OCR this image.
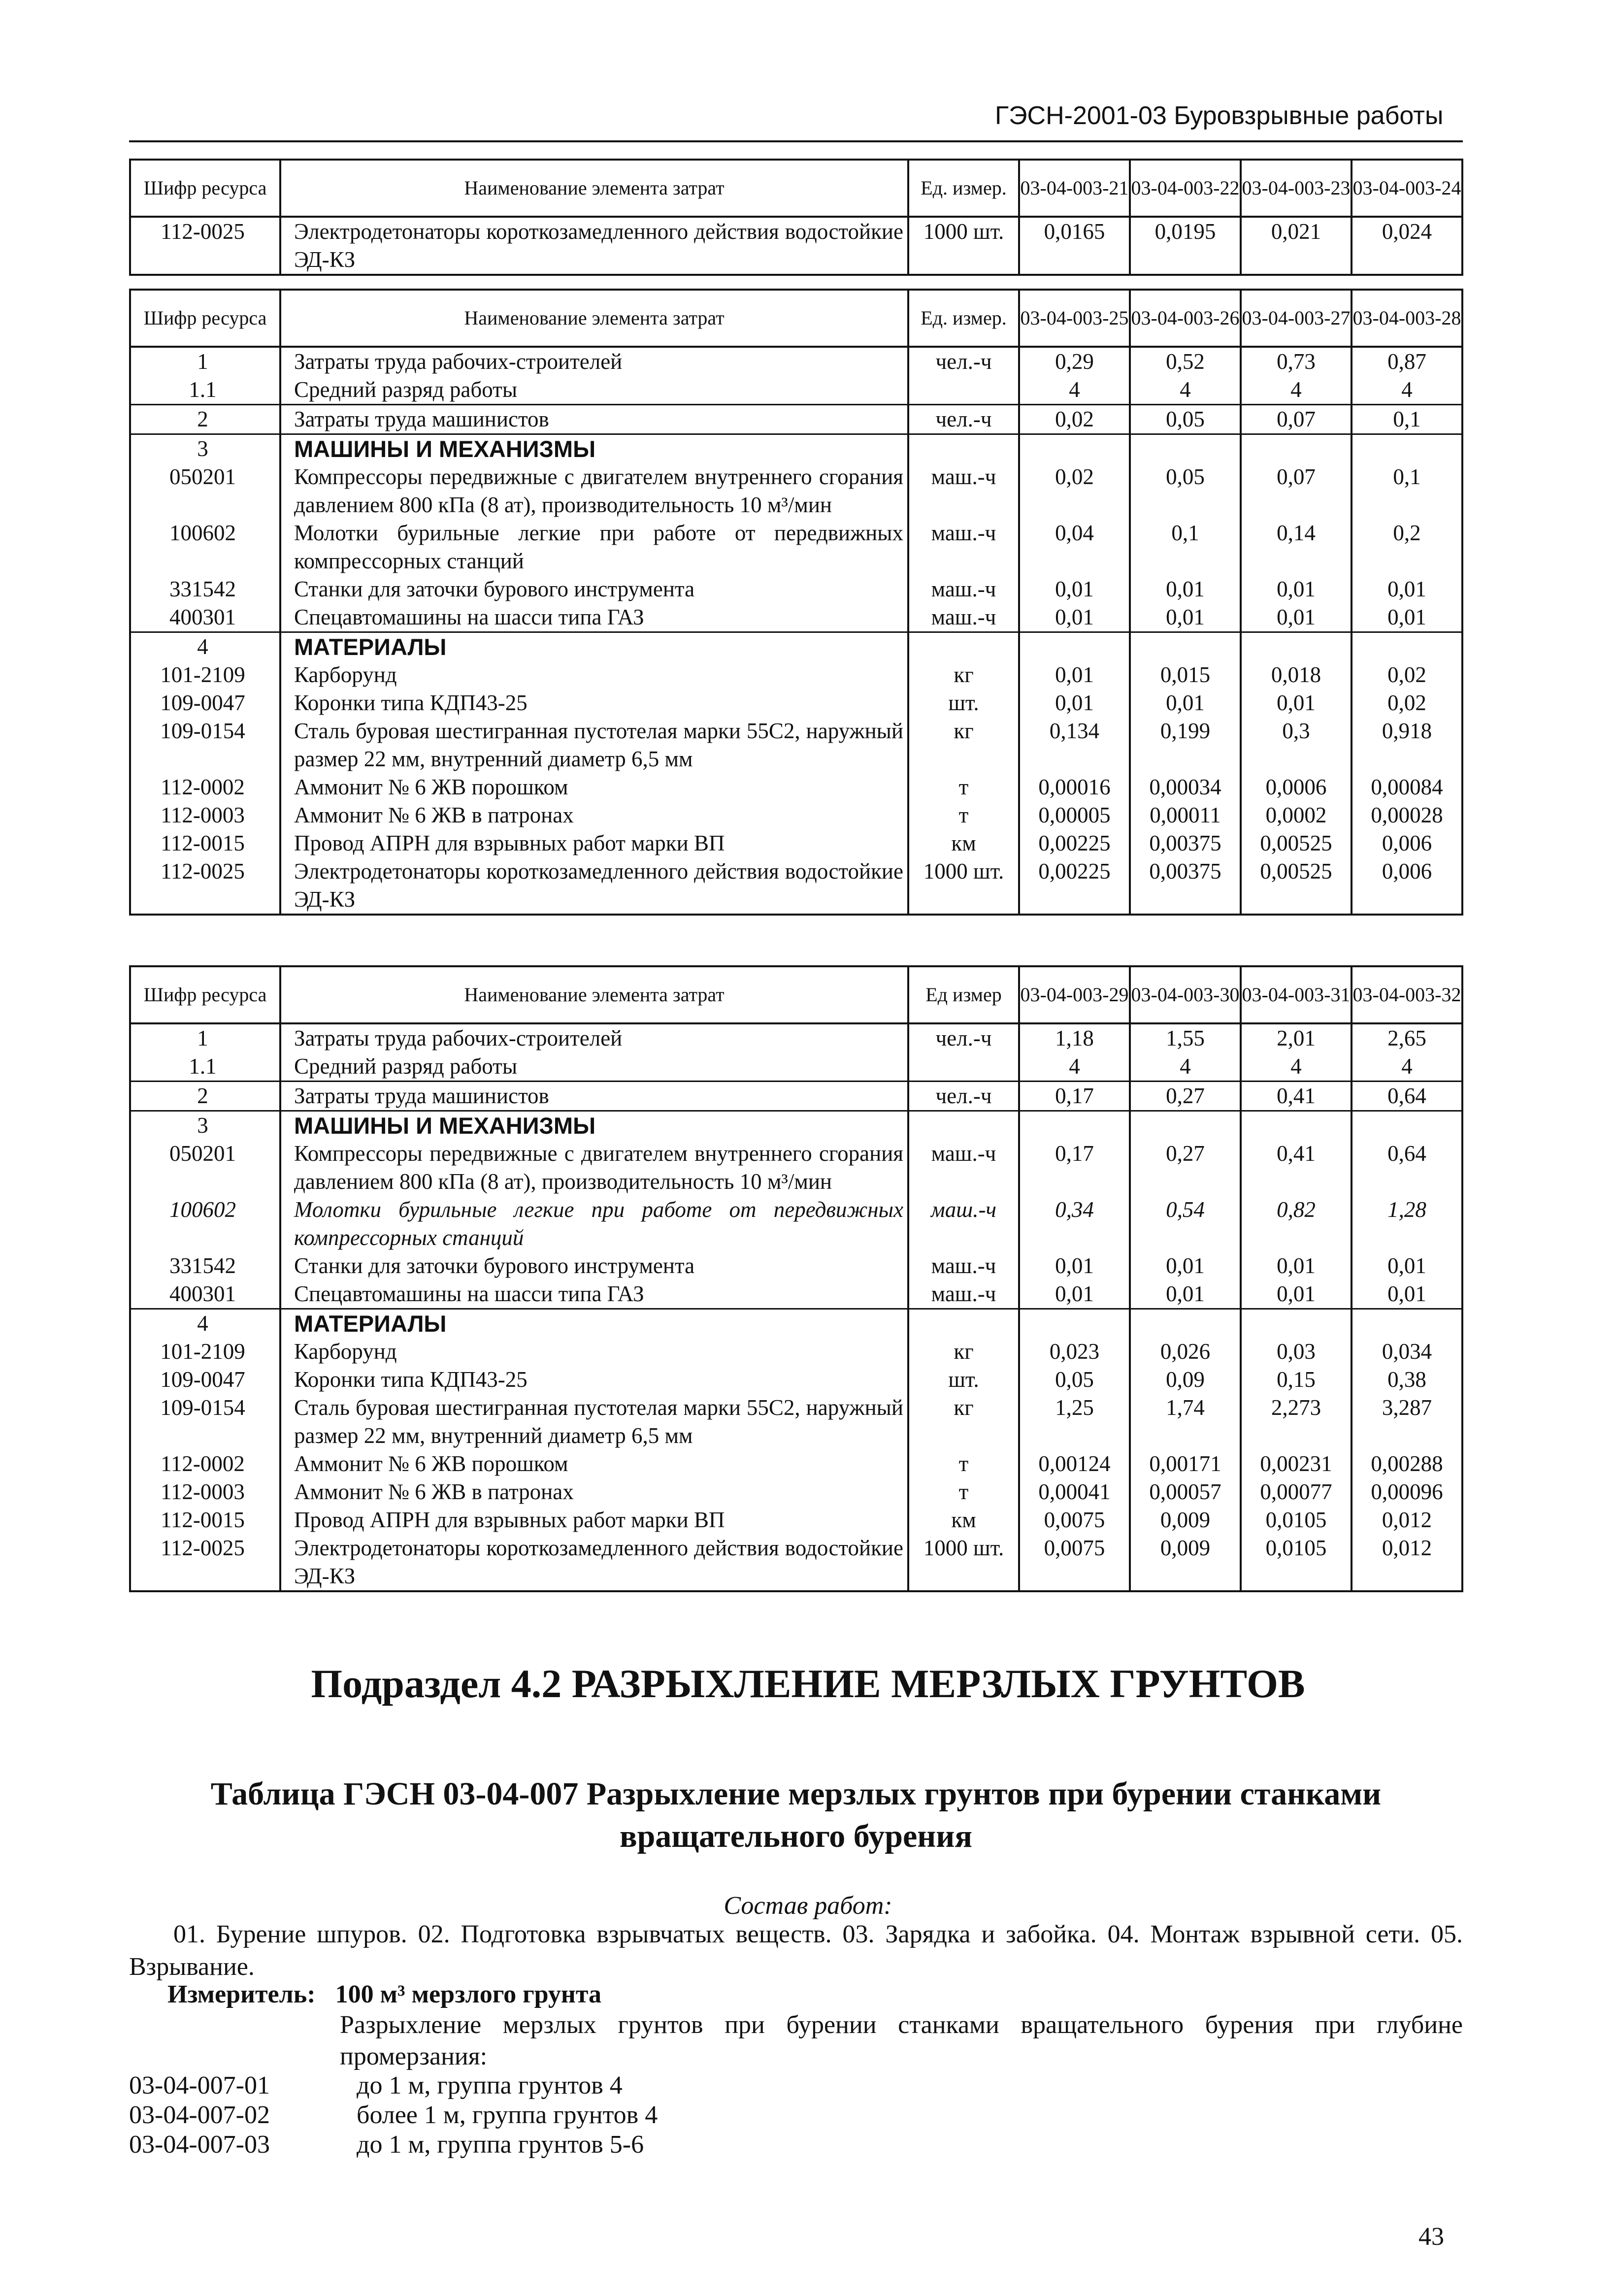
ГЭСН-2001-03 Буровзрывные работы
Шифр ресурса	Наименование элемента затрат	Ед. измер.	03-04-003-21	03-04-003-22	03-04-003-23	03-04-003-24
112-0025	Электродетонаторы короткозамедленного действия водостойкие ЭД-КЗ	1000 шт.	0,0165	0,0195	0,021	0,024
Шифр ресурса	Наименование элемента затрат	Ед. измер.	03-04-003-25	03-04-003-26	03-04-003-27	03-04-003-28
1	Затраты труда рабочих-строителей	чел.-ч	0,29	0,52	0,73	0,87
1.1	Средний разряд работы		4	4	4	4
2	Затраты труда машинистов	чел.-ч	0,02	0,05	0,07	0,1
3	МАШИНЫ И МЕХАНИЗМЫ					
050201	Компрессоры передвижные с двигателем внутреннего сгорания давлением 800 кПа (8 ат), производительность 10 м³/мин	маш.-ч	0,02	0,05	0,07	0,1
100602	Молотки бурильные легкие при работе от передвижных компрессорных станций	маш.-ч	0,04	0,1	0,14	0,2
331542	Станки для заточки бурового инструмента	маш.-ч	0,01	0,01	0,01	0,01
400301	Спецавтомашины на шасси типа ГАЗ	маш.-ч	0,01	0,01	0,01	0,01
4	МАТЕРИАЛЫ					
101-2109	Карборунд	кг	0,01	0,015	0,018	0,02
109-0047	Коронки типа КДП43-25	шт.	0,01	0,01	0,01	0,02
109-0154	Сталь буровая шестигранная пустотелая марки 55С2, наружный размер 22 мм, внутренний диаметр 6,5 мм	кг	0,134	0,199	0,3	0,918
112-0002	Аммонит № 6 ЖВ порошком	т	0,00016	0,00034	0,0006	0,00084
112-0003	Аммонит № 6 ЖВ в патронах	т	0,00005	0,00011	0,0002	0,00028
112-0015	Провод АПРН для взрывных работ марки ВП	км	0,00225	0,00375	0,00525	0,006
112-0025	Электродетонаторы короткозамедленного действия водостойкие ЭД-КЗ	1000 шт.	0,00225	0,00375	0,00525	0,006
Шифр ресурса	Наименование элемента затрат	Ед измер	03-04-003-29	03-04-003-30	03-04-003-31	03-04-003-32
1	Затраты труда рабочих-строителей	чел.-ч	1,18	1,55	2,01	2,65
1.1	Средний разряд работы		4	4	4	4
2	Затраты труда машинистов	чел.-ч	0,17	0,27	0,41	0,64
3	МАШИНЫ И МЕХАНИЗМЫ					
050201	Компрессоры передвижные с двигателем внутреннего сгорания давлением 800 кПа (8 ат), производительность 10 м³/мин	маш.-ч	0,17	0,27	0,41	0,64
100602	Молотки бурильные легкие при работе от передвижных компрессорных станций	маш.-ч	0,34	0,54	0,82	1,28
331542	Станки для заточки бурового инструмента	маш.-ч	0,01	0,01	0,01	0,01
400301	Спецавтомашины на шасси типа ГАЗ	маш.-ч	0,01	0,01	0,01	0,01
4	МАТЕРИАЛЫ					
101-2109	Карборунд	кг	0,023	0,026	0,03	0,034
109-0047	Коронки типа КДП43-25	шт.	0,05	0,09	0,15	0,38
109-0154	Сталь буровая шестигранная пустотелая марки 55С2, наружный размер 22 мм, внутренний диаметр 6,5 мм	кг	1,25	1,74	2,273	3,287
112-0002	Аммонит № 6 ЖВ порошком	т	0,00124	0,00171	0,00231	0,00288
112-0003	Аммонит № 6 ЖВ в патронах	т	0,00041	0,00057	0,00077	0,00096
112-0015	Провод АПРН для взрывных работ марки ВП	км	0,0075	0,009	0,0105	0,012
112-0025	Электродетонаторы короткозамедленного действия водостойкие ЭД-КЗ	1000 шт.	0,0075	0,009	0,0105	0,012
Подраздел 4.2 РАЗРЫХЛЕНИЕ МЕРЗЛЫХ ГРУНТОВ
Таблица ГЭСН 03-04-007 Разрыхление мерзлых грунтов при бурении станками вращательного бурения
Состав работ:
01. Бурение шпуров. 02. Подготовка взрывчатых веществ. 03. Зарядка и забойка. 04. Монтаж взрывной сети. 05. Взрывание.
Измеритель: 100 м³ мерзлого грунта
Разрыхление мерзлых грунтов при бурении станками вращательного бурения при глубине промерзания:
03-04-007-01	до 1 м, группа грунтов 4
03-04-007-02	более 1 м, группа грунтов 4
03-04-007-03	до 1 м, группа грунтов 5-6
43
